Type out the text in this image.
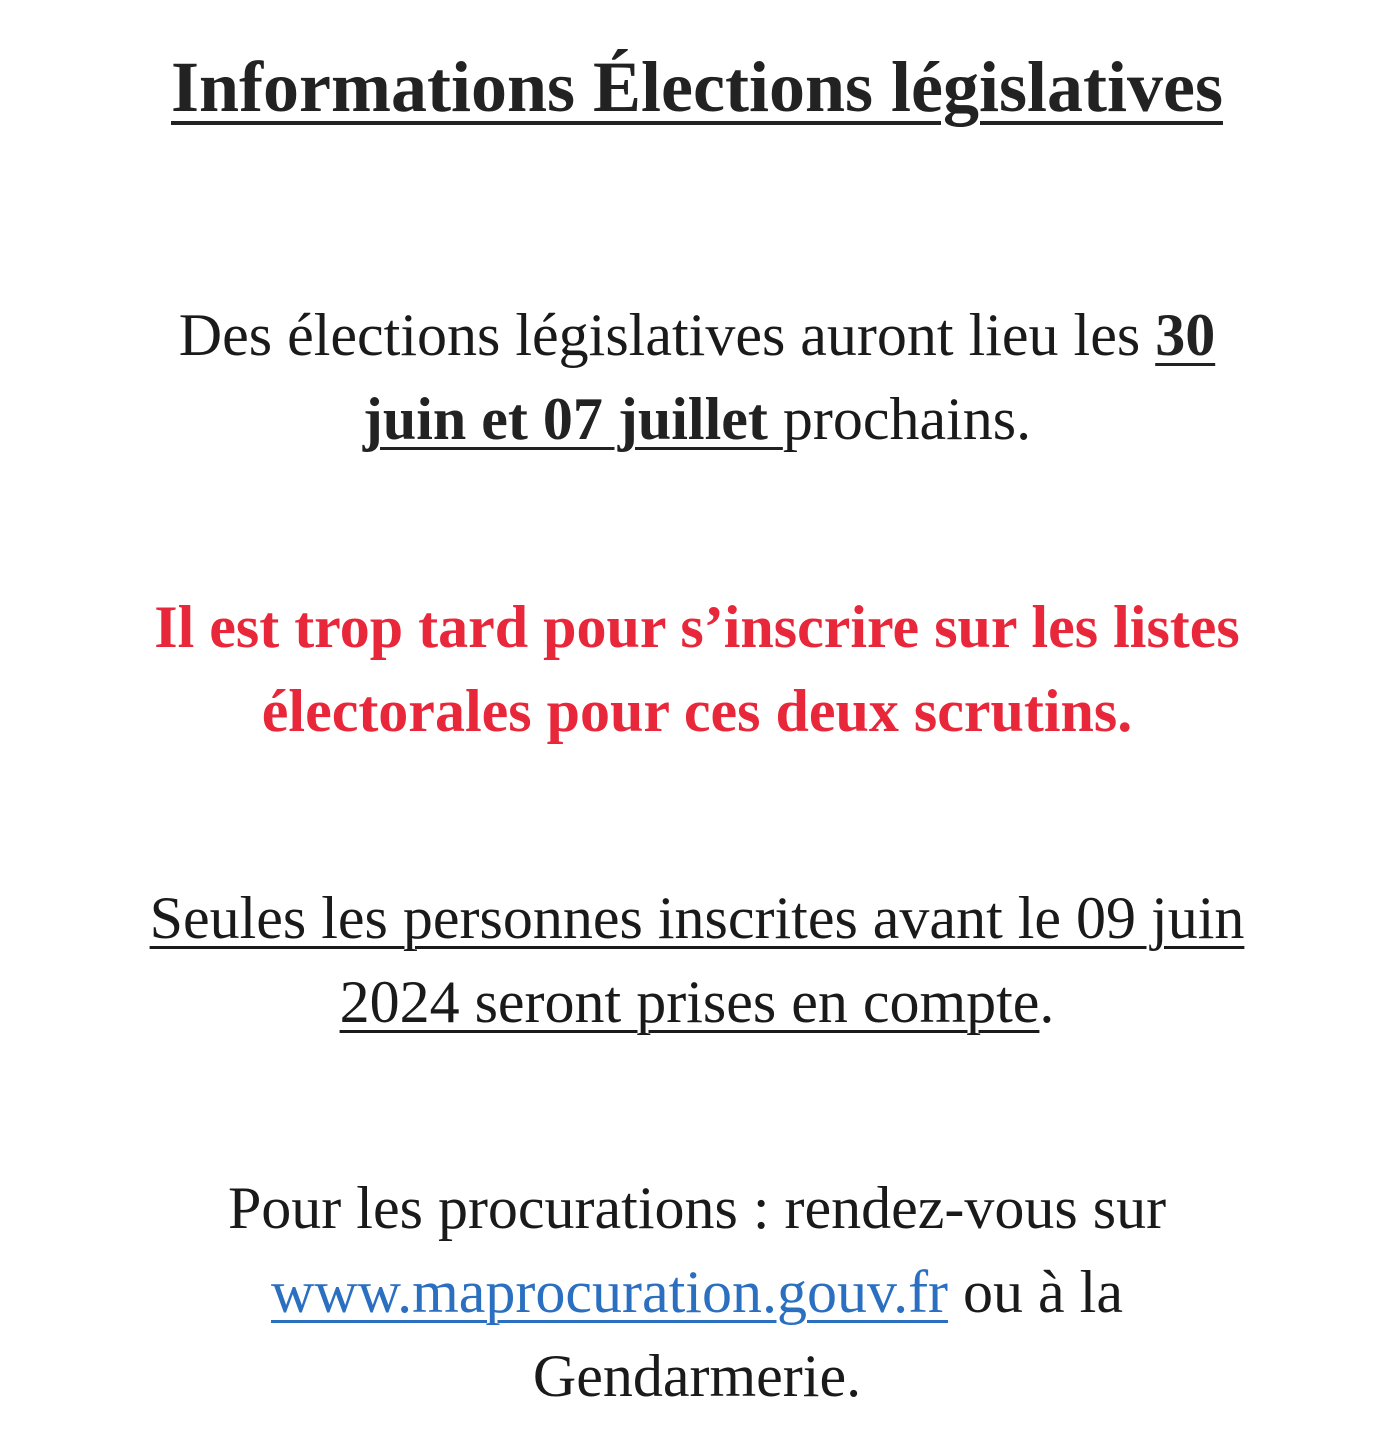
Informations Élections législatives

Des élections législatives auront lieu les 30
juin et 07 juillet prochains.

Il est trop tard pour s’inscrire sur les listes
électorales pour ces deux scrutins.

Seules les personnes inscrites avant le 09 juin
2024 seront prises en compte.

Pour les procurations : rendez-vous sur
www.maprocuration.gouv.fr ou à la
Gendarmerie.
